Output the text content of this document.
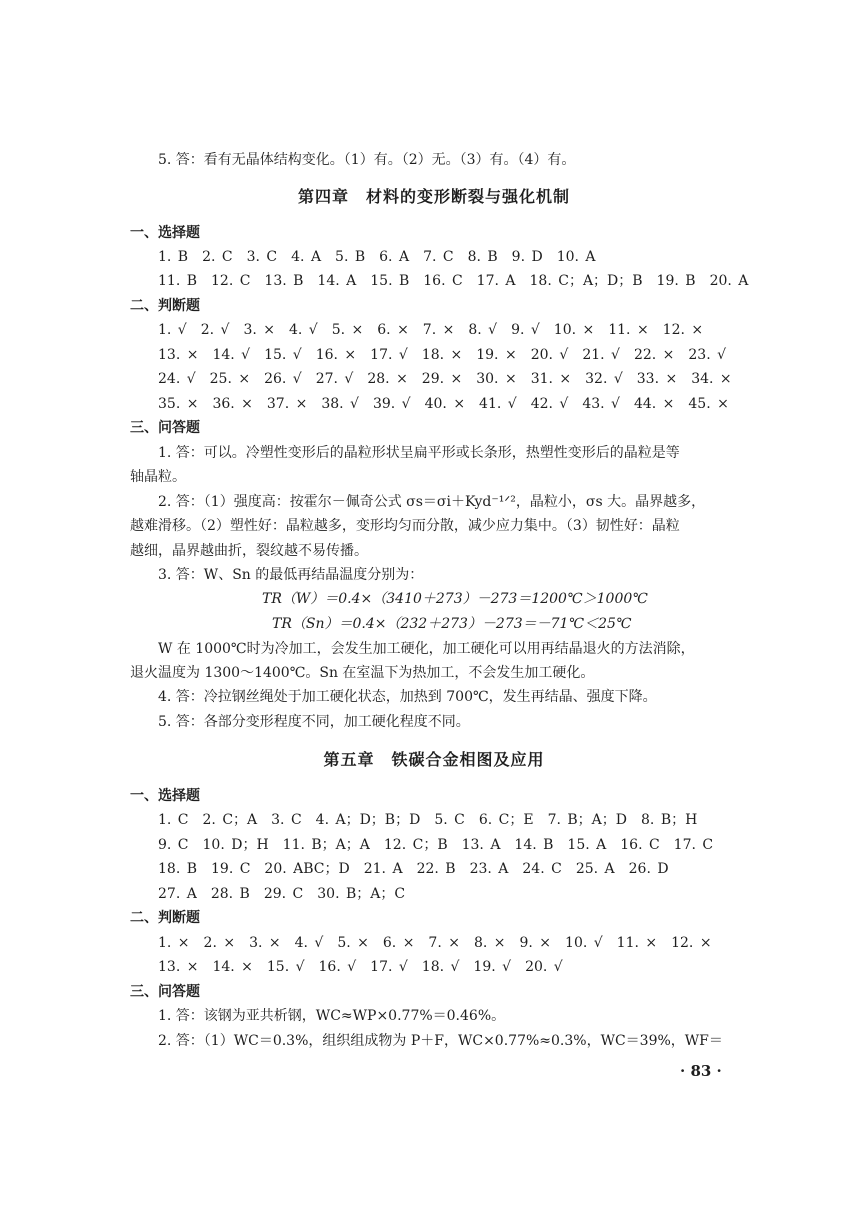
5. 答：看有无晶体结构变化。（1）有。（2）无。（3）有。（4）有。
第四章　材料的变形断裂与强化机制
一、选择题
1. B　2. C　3. C　4. A　5. B　6. A　7. C　8. B　9. D　10. A
11. B　12. C　13. B　14. A　15. B　16. C　17. A　18. C；A；D；B　19. B　20. A
二、判断题
1. √　2. √　3. ×　4. √　5. ×　6. ×　7. ×　8. √　9. √　10. ×　11. ×　12. ×
13. ×　14. √　15. √　16. ×　17. √　18. ×　19. ×　20. √　21. √　22. ×　23. √
24. √　25. ×　26. √　27. √　28. ×　29. ×　30. ×　31. ×　32. √　33. ×　34. ×
35. ×　36. ×　37. ×　38. √　39. √　40. ×　41. √　42. √　43. √　44. ×　45. ×
三、问答题
1. 答：可以。冷塑性变形后的晶粒形状呈扁平形或长条形，热塑性变形后的晶粒是等
轴晶粒。
2. 答：（1）强度高：按霍尔－佩奇公式 σs＝σi＋Kyd⁻¹ᐟ²，晶粒小，σs 大。晶界越多，
越难滑移。（2）塑性好：晶粒越多，变形均匀而分散，减少应力集中。（3）韧性好：晶粒
越细，晶界越曲折，裂纹越不易传播。
3. 答：W、Sn 的最低再结晶温度分别为：
TR（W）＝0.4×（3410＋273）－273＝1200℃＞1000℃
TR（Sn）＝0.4×（232＋273）－273＝－71℃＜25℃
W 在 1000℃时为冷加工，会发生加工硬化，加工硬化可以用再结晶退火的方法消除，
退火温度为 1300～1400℃。Sn 在室温下为热加工，不会发生加工硬化。
4. 答：冷拉钢丝绳处于加工硬化状态，加热到 700℃，发生再结晶、强度下降。
5. 答：各部分变形程度不同，加工硬化程度不同。
第五章　铁碳合金相图及应用
一、选择题
1. C　2. C；A　3. C　4. A；D；B；D　5. C　6. C；E　7. B；A；D　8. B；H
9. C　10. D；H　11. B；A；A　12. C；B　13. A　14. B　15. A　16. C　17. C
18. B　19. C　20. ABC；D　21. A　22. B　23. A　24. C　25. A　26. D
27. A　28. B　29. C　30. B；A；C
二、判断题
1. ×　2. ×　3. ×　4. √　5. ×　6. ×　7. ×　8. ×　9. ×　10. √　11. ×　12. ×
13. ×　14. ×　15. √　16. √　17. √　18. √　19. √　20. √
三、问答题
1. 答：该钢为亚共析钢，WC≈WP×0.77%＝0.46%。
2. 答：（1）WC＝0.3%，组织组成物为 P＋F，WC×0.77%≈0.3%，WC＝39%，WF＝
· 83 ·
